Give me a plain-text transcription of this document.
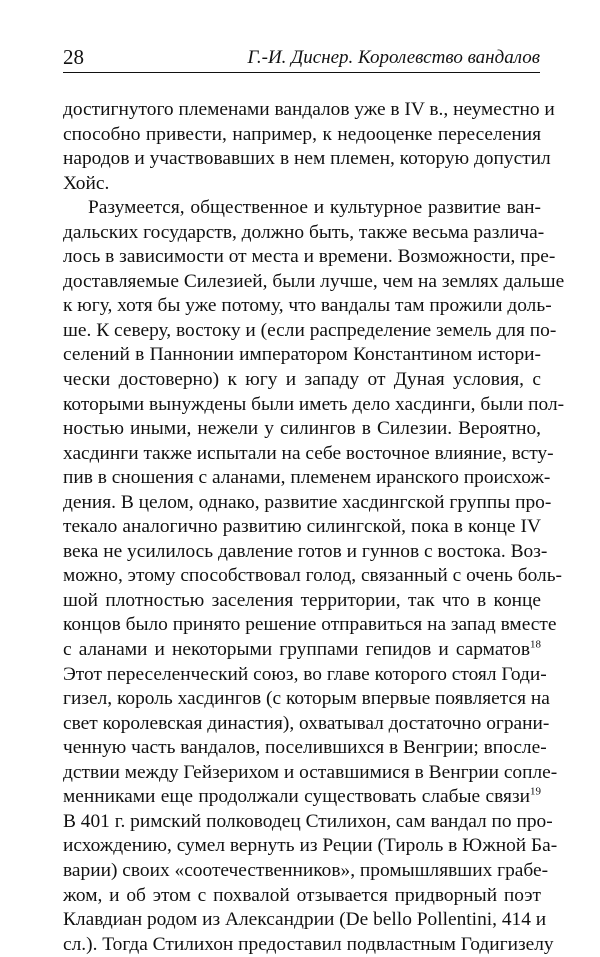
28	Г.-И. Диснер. Королевство вандалов
достигнутого племенами вандалов уже в IV в., неуместно и
способно привести, например, к недооценке переселения
народов и участвовавших в нем племен, которую допустил
Хойс.
Разумеется, общественное и культурное развитие ван-
дальских государств, должно быть, также весьма различа-
лось в зависимости от места и времени. Возможности, пре-
доставляемые Силезией, были лучше, чем на землях дальше
к югу, хотя бы уже потому, что вандалы там прожили доль-
ше. К северу, востоку и (если распределение земель для по-
селений в Паннонии императором Константином истори-
чески достоверно) к югу и западу от Дуная условия, с
которыми вынуждены были иметь дело хасдинги, были пол-
ностью иными, нежели у силингов в Силезии. Вероятно,
хасдинги также испытали на себе восточное влияние, всту-
пив в сношения с аланами, племенем иранского происхож-
дения. В целом, однако, развитие хасдингской группы про-
текало аналогично развитию силингской, пока в конце IV
века не усилилось давление готов и гуннов с востока. Воз-
можно, этому способствовал голод, связанный с очень боль-
шой плотностью заселения территории, так что в конце
концов было принято решение отправиться на запад вместе
с аланами и некоторыми группами гепидов и сарматов$^{18}$
Этот переселенческий союз, во главе которого стоял Годи-
гизел, король хасдингов (с которым впервые появляется на
свет королевская династия), охватывал достаточно ограни-
ченную часть вандалов, поселившихся в Венгрии; впосле-
дствии между Гейзерихом и оставшимися в Венгрии сопле-
менниками еще продолжали существовать слабые связи$^{19}$
В 401 г. римский полководец Стилихон, сам вандал по про-
исхождению, сумел вернуть из Реции (Тироль в Южной Ба-
варии) своих «соотечественников», промышлявших грабе-
жом, и об этом с похвалой отзывается придворный поэт
Клавдиан родом из Александрии (De bello Pollentini, 414 и
сл.). Тогда Стилихон предоставил подвластным Годигизелу
